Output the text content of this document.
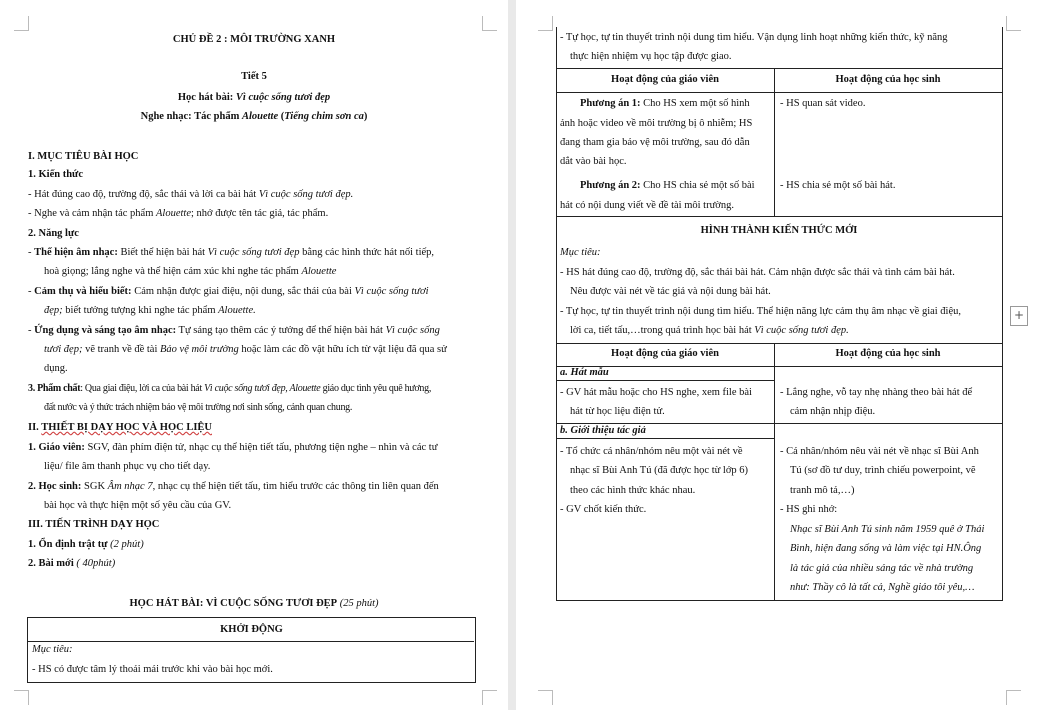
CHỦ ĐỀ 2 : MÔI TRƯỜNG XANH
Tiết 5
Học hát bài: Vì cuộc sống tươi đẹp
Nghe nhạc: Tác phẩm Alouette (Tiếng chim sơn ca)
I. MỤC TIÊU BÀI HỌC
1. Kiến thức
- Hát đúng cao độ, trường độ, sắc thái và lời ca bài hát Vì cuộc sống tươi đẹp.
- Nghe và cảm nhận tác phẩm Alouette; nhớ được tên tác giả, tác phẩm.
2. Năng lực
- Thể hiện âm nhạc: Biết thể hiện bài hát Vì cuộc sống tươi đẹp bằng các hình thức hát nối tiếp,
hoà giọng; lắng nghe và thể hiện cảm xúc khi nghe tác phẩm Alouette
- Cảm thụ và hiểu biết: Cảm nhận được giai điệu, nội dung, sắc thái của bài Vì cuộc sống tươi
đẹp; biết tưởng tượng khi nghe tác phẩm Alouette.
- Ứng dụng và sáng tạo âm nhạc: Tự sáng tạo thêm các ý tưởng để thể hiện bài hát Vì cuộc sống
tươi đẹp; vẽ tranh về đề tài Bảo vệ môi trường hoặc làm các đồ vật hữu ích từ vật liệu đã qua sử
dụng.
3. Phẩm chất: Qua giai điệu, lời ca của bài hát Vì cuộc sống tươi đẹp, Alouette giáo dục tình yêu quê hương,
đất nước và ý thức trách nhiệm bảo vệ môi trường nơi sinh sống, cảnh quan chung.
II. THIẾT BỊ DẠY HỌC VÀ HỌC LIỆU
1. Giáo viên: SGV, đàn phím điện tử, nhạc cụ thể hiện tiết tấu, phương tiện nghe – nhìn và các tư
liệu/ file âm thanh phục vụ cho tiết dạy.
2. Học sinh: SGK Âm nhạc 7, nhạc cụ thể hiện tiết tấu, tìm hiểu trước các thông tin liên quan đến
bài học và thực hiện một số yêu cầu của GV.
III. TIẾN TRÌNH DẠY HỌC
1. Ổn định trật tự (2 phút)
2. Bài mới ( 40phút)
HỌC HÁT BÀI: VÌ CUỘC SỐNG TƯƠI ĐẸP (25 phút)
KHỞI ĐỘNG
Mục tiêu:
- HS có được tâm lý thoải mái trước khi vào bài học mới.
- Tự học, tự tin thuyết trình nội dung tìm hiểu. Vận dụng linh hoạt những kiến thức, kỹ năng
thực hiện nhiệm vụ học tập được giao.
Hoạt động của giáo viên	Hoạt động của học sinh
Phương án 1: Cho HS xem một số hình
ảnh hoặc video về môi trường bị ô nhiễm; HS
đang tham gia bảo vệ môi trường, sau đó dẫn
dắt vào bài học.
- HS quan sát video.
Phương án 2: Cho HS chia sẻ một số bài
hát có nội dung viết về đề tài môi trường.
- HS chia sẻ một số bài hát.
HÌNH THÀNH KIẾN THỨC MỚI
Mục tiêu:
- HS hát đúng cao độ, trường độ, sắc thái bài hát. Cảm nhận được sắc thái và tình cảm bài hát.
Nêu được vài nét về tác giả và nội dung bài hát.
- Tự học, tự tin thuyết trình nội dung tìm hiểu. Thể hiện năng lực cảm thụ âm nhạc về giai điệu,
lời ca, tiết tấu,…trong quá trình học bài hát Vì cuộc sống tươi đẹp.
Hoạt động của giáo viên	Hoạt động của học sinh
a. Hát mẫu
- GV hát mẫu hoặc cho HS nghe, xem file bài
hát từ học liệu điện tử.
- Lắng nghe, vỗ tay nhẹ nhàng theo bài hát để
cảm nhận nhịp điệu.
b. Giới thiệu tác giả
- Tổ chức cá nhân/nhóm nêu một vài nét về
nhạc sĩ Bùi Anh Tú (đã được học từ lớp 6)
theo các hình thức khác nhau.
- GV chốt kiến thức.
- Cá nhân/nhóm nêu vài nét về nhạc sĩ Bùi Anh
Tú (sơ đồ tư duy, trình chiếu powerpoint, vẽ
tranh mô tả,…)
- HS ghi nhớ:
Nhạc sĩ Bùi Anh Tú sinh năm 1959 quê ở Thái
Bình, hiện đang sống và làm việc tại HN.Ông
là tác giả của nhiều sáng tác về nhà trường
như: Thầy cô là tất cả, Nghề giáo tôi yêu,…
+
